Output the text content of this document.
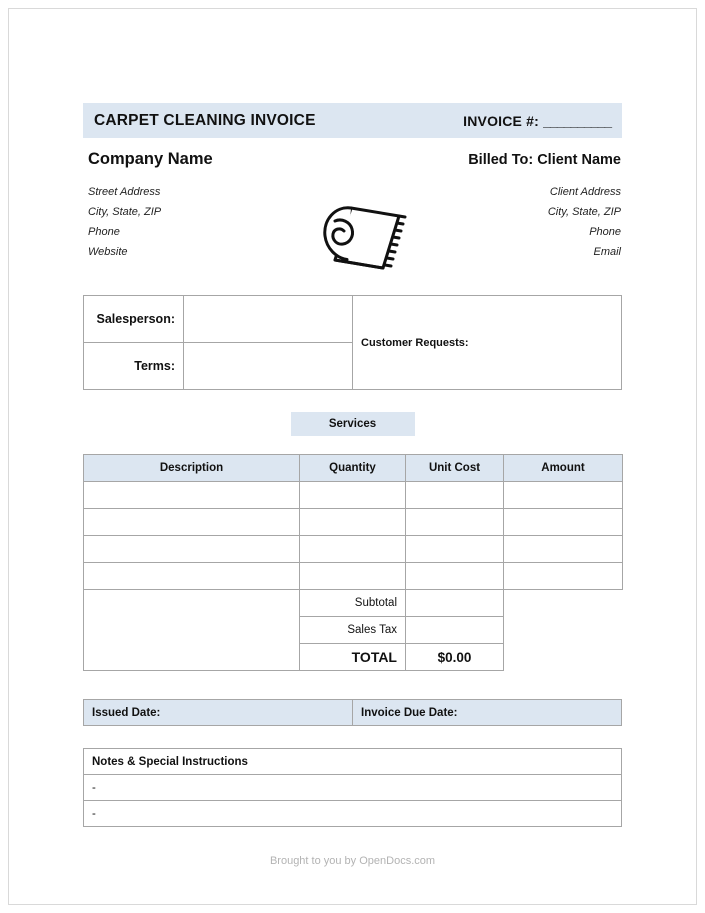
CARPET CLEANING INVOICE	INVOICE #: __________
Company Name
Street Address
City, State, ZIP
Phone
Website
Billed To: Client Name
Client Address
City, State, ZIP
Phone
Email
Salesperson:		Customer Requests:
Terms:		
Services
Description	Quantity	Unit Cost	Amount

	Subtotal		
	Sales Tax		
	TOTAL	$0.00	
Issued Date:	Invoice Due Date:
Notes & Special Instructions
-
-
Brought to you by OpenDocs.com
